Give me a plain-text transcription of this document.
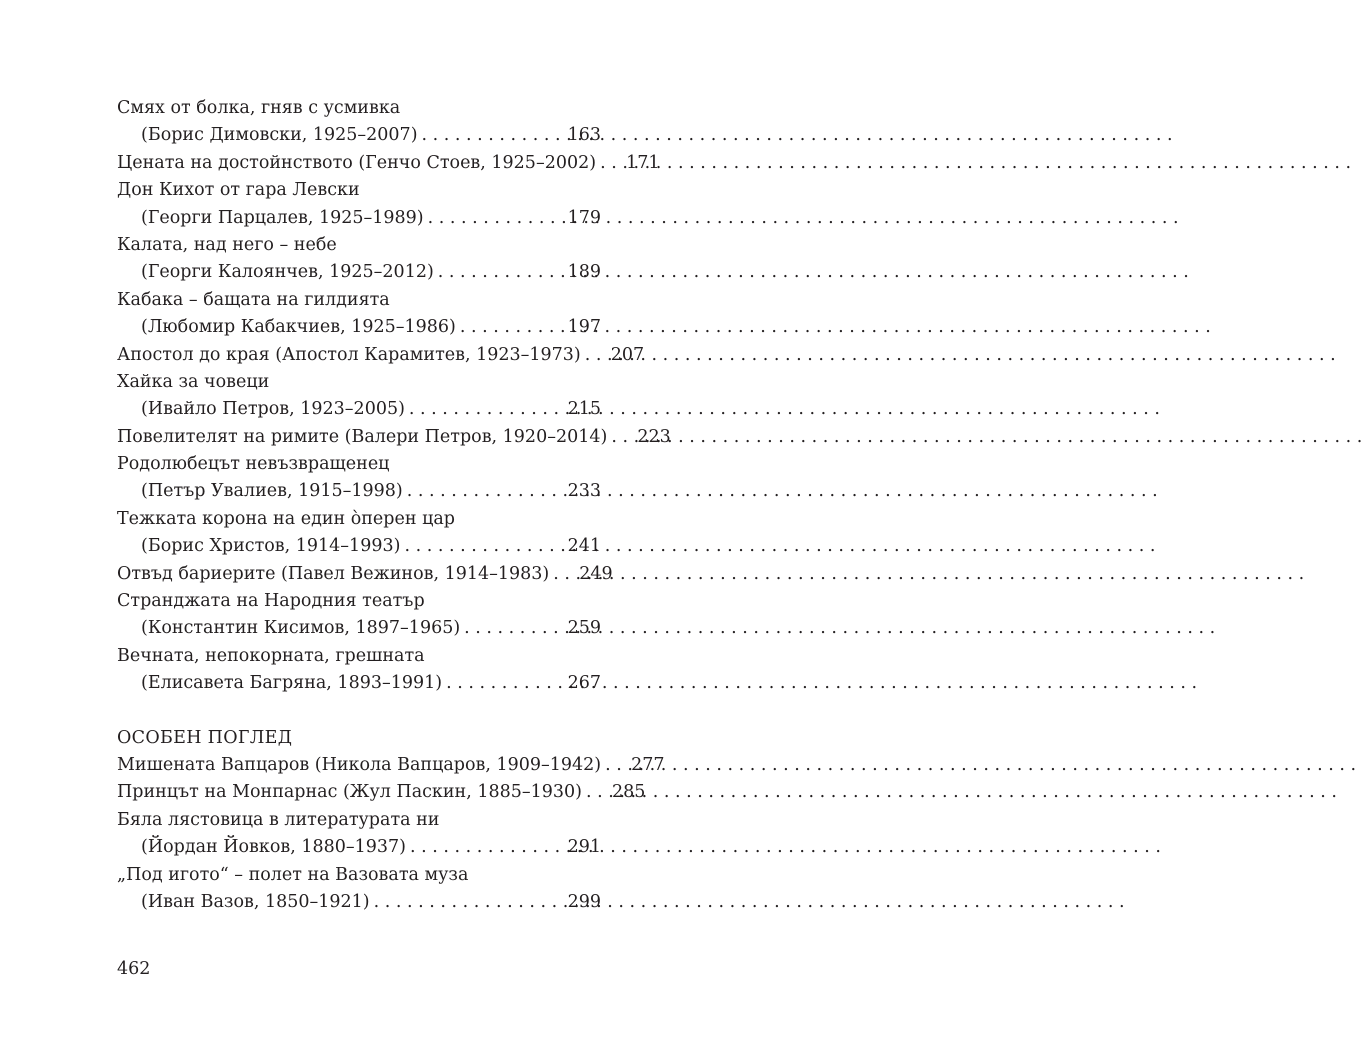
Смях от болка, гняв с усмивка
(Борис Димовски, 1925–2007) . . .	163
Цената на достойнството (Генчо Стоев, 1925–2002) . . .	171
Дон Кихот от гара Левски
(Георги Парцалев, 1925–1989) . . .	179
Калата, над него – небе
(Георги Калоянчев, 1925–2012) . . .	189
Кабака – бащата на гилдията
(Любомир Кабакчиев, 1925–1986) . . .	197
Апостол до края (Апостол Карамитев, 1923–1973) . . .	207
Хайка за човеци
(Ивайло Петров, 1923–2005) . . .	215
Повелителят на римите (Валери Петров, 1920–2014) . . .	223
Родолюбецът невъзвращенец
(Петър Увалиев, 1915–1998) . . .	233
Тежката корона на един òперен цар
(Борис Христов, 1914–1993) . . .	241
Отвъд бариерите (Павел Вежинов, 1914–1983) . . .	249
Странджата на Народния театър
(Константин Кисимов, 1897–1965) . . .	259
Вечната, непокорната, грешната
(Елисавета Багряна, 1893–1991) . . .	267
ОСОБЕН ПОГЛЕД
Мишената Вапцаров (Никола Вапцаров, 1909–1942) . . .	277
Принцът на Монпарнас (Жул Паскин, 1885–1930) . . .	285
Бяла лястовица в литературата ни
(Йордан Йовков, 1880–1937) . . .	291
„Под игото“ – полет на Вазовата муза
(Иван Вазов, 1850–1921) . . .	299
462
